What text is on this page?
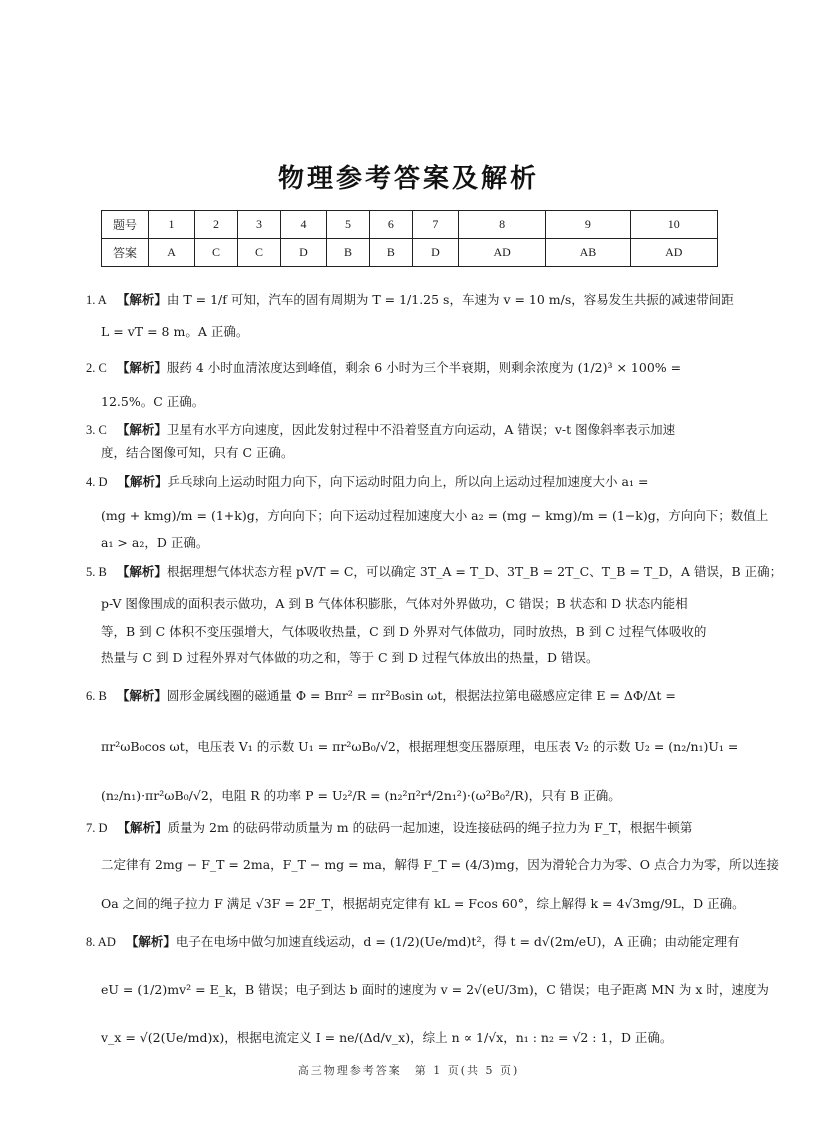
物理参考答案及解析
题号	1	2	3	4	5	6	7	8	9	10
答案	A	C	C	D	B	B	D	AD	AB	AD
1. A 【解析】由 T = 1/f 可知，汽车的固有周期为 T = 1/1.25 s，车速为 v = 10 m/s，容易发生共振的减速带间距
L = vT = 8 m。A 正确。
2. C 【解析】服药 4 小时血清浓度达到峰值，剩余 6 小时为三个半衰期，则剩余浓度为 (1/2)³ × 100% =
12.5%。C 正确。
3. C 【解析】卫星有水平方向速度，因此发射过程中不沿着竖直方向运动，A 错误；v-t 图像斜率表示加速
度，结合图像可知，只有 C 正确。
4. D 【解析】乒乓球向上运动时阻力向下，向下运动时阻力向上，所以向上运动过程加速度大小 a₁ =
(mg + kmg)/m = (1+k)g，方向向下；向下运动过程加速度大小 a₂ = (mg − kmg)/m = (1−k)g，方向向下；数值上
a₁ > a₂，D 正确。
5. B 【解析】根据理想气体状态方程 pV/T = C，可以确定 3T_A = T_D、3T_B = 2T_C、T_B = T_D，A 错误，B 正确；
p-V 图像围成的面积表示做功，A 到 B 气体体积膨胀，气体对外界做功，C 错误；B 状态和 D 状态内能相
等，B 到 C 体积不变压强增大，气体吸收热量，C 到 D 外界对气体做功，同时放热，B 到 C 过程气体吸收的
热量与 C 到 D 过程外界对气体做的功之和，等于 C 到 D 过程气体放出的热量，D 错误。
6. B 【解析】圆形金属线圈的磁通量 Φ = Bπr² = πr²B₀sin ωt，根据法拉第电磁感应定律 E = ΔΦ/Δt =
πr²ωB₀cos ωt，电压表 V₁ 的示数 U₁ = πr²ωB₀/√2，根据理想变压器原理，电压表 V₂ 的示数 U₂ = (n₂/n₁)U₁ =
(n₂/n₁)·πr²ωB₀/√2，电阻 R 的功率 P = U₂²/R = (n₂²π²r⁴/2n₁²)·(ω²B₀²/R)，只有 B 正确。
7. D 【解析】质量为 2m 的砝码带动质量为 m 的砝码一起加速，设连接砝码的绳子拉力为 F_T，根据牛顿第
二定律有 2mg − F_T = 2ma，F_T − mg = ma，解得 F_T = (4/3)mg，因为滑轮合力为零、O 点合力为零，所以连接
Oa 之间的绳子拉力 F 满足 √3F = 2F_T，根据胡克定律有 kL = Fcos 60°，综上解得 k = 4√3mg/9L，D 正确。
8. AD 【解析】电子在电场中做匀加速直线运动，d = (1/2)(Ue/md)t²，得 t = d√(2m/eU)，A 正确；由动能定理有
eU = (1/2)mv² = E_k，B 错误；电子到达 b 面时的速度为 v = 2√(eU/3m)，C 错误；电子距离 MN 为 x 时，速度为
v_x = √(2(Ue/md)x)，根据电流定义 I = ne/(Δd/v_x)，综上 n ∝ 1/√x，n₁ : n₂ = √2 : 1，D 正确。
高三物理参考答案　第 1 页(共 5 页)
